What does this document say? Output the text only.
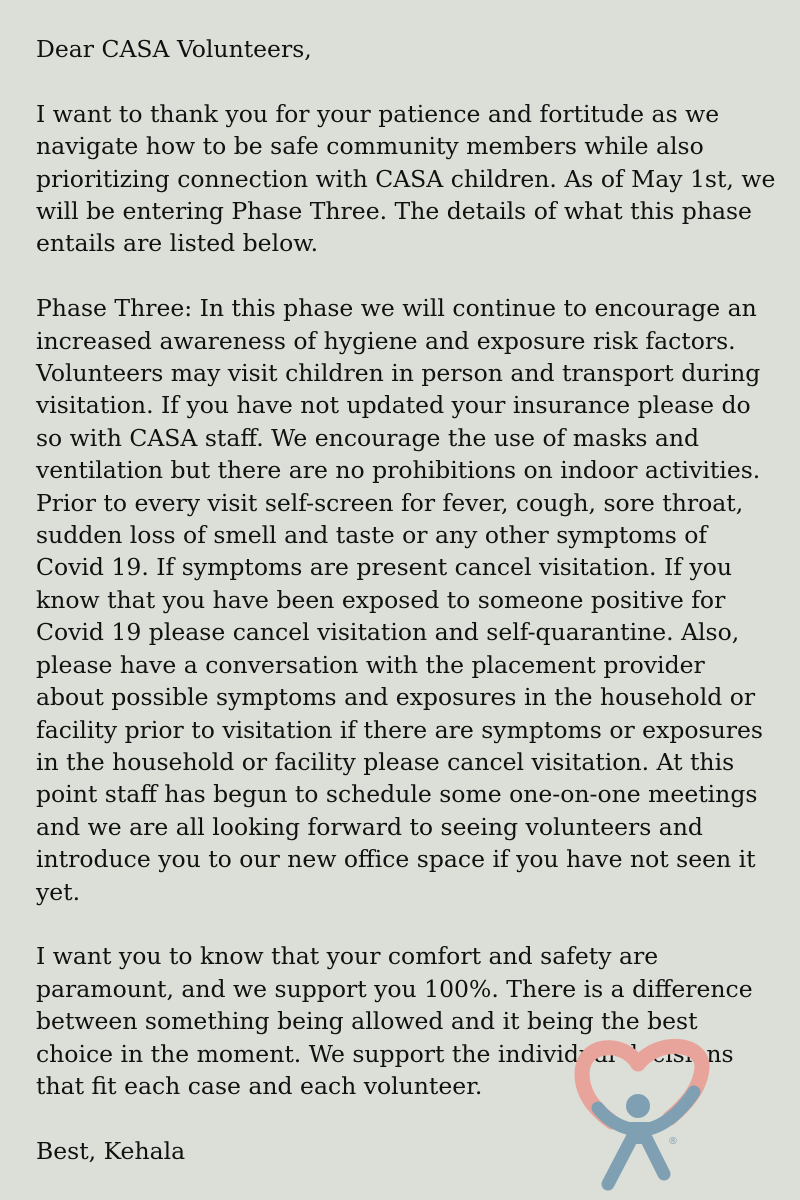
Dear CASA Volunteers,

I want to thank you for your patience and fortitude as we navigate how to be safe community members while also prioritizing connection with CASA children. As of May 1st, we will be entering Phase Three. The details of what this phase entails are listed below.

Phase Three: In this phase we will continue to encourage an increased awareness of hygiene and exposure risk factors. Volunteers may visit children in person and transport during visitation. If you have not updated your insurance please do so with CASA staff. We encourage the use of masks and ventilation but there are no prohibitions on indoor activities. Prior to every visit self-screen for fever, cough, sore throat, sudden loss of smell and taste or any other symptoms of Covid 19. If symptoms are present cancel visitation. If you know that you have been exposed to someone positive for Covid 19 please cancel visitation and self-quarantine. Also, please have a conversation with the placement provider about possible symptoms and exposures in the household or facility prior to visitation if there are symptoms or exposures in the household or facility please cancel visitation. At this point staff has begun to schedule some one-on-one meetings and we are all looking forward to seeing volunteers and introduce you to our new office space if you have not seen it yet.

I want you to know that your comfort and safety are paramount, and we support you 100%. There is a difference between something being allowed and it being the best choice in the moment. We support the individual decisions that fit each case and each volunteer.

Best, Kehala	®
